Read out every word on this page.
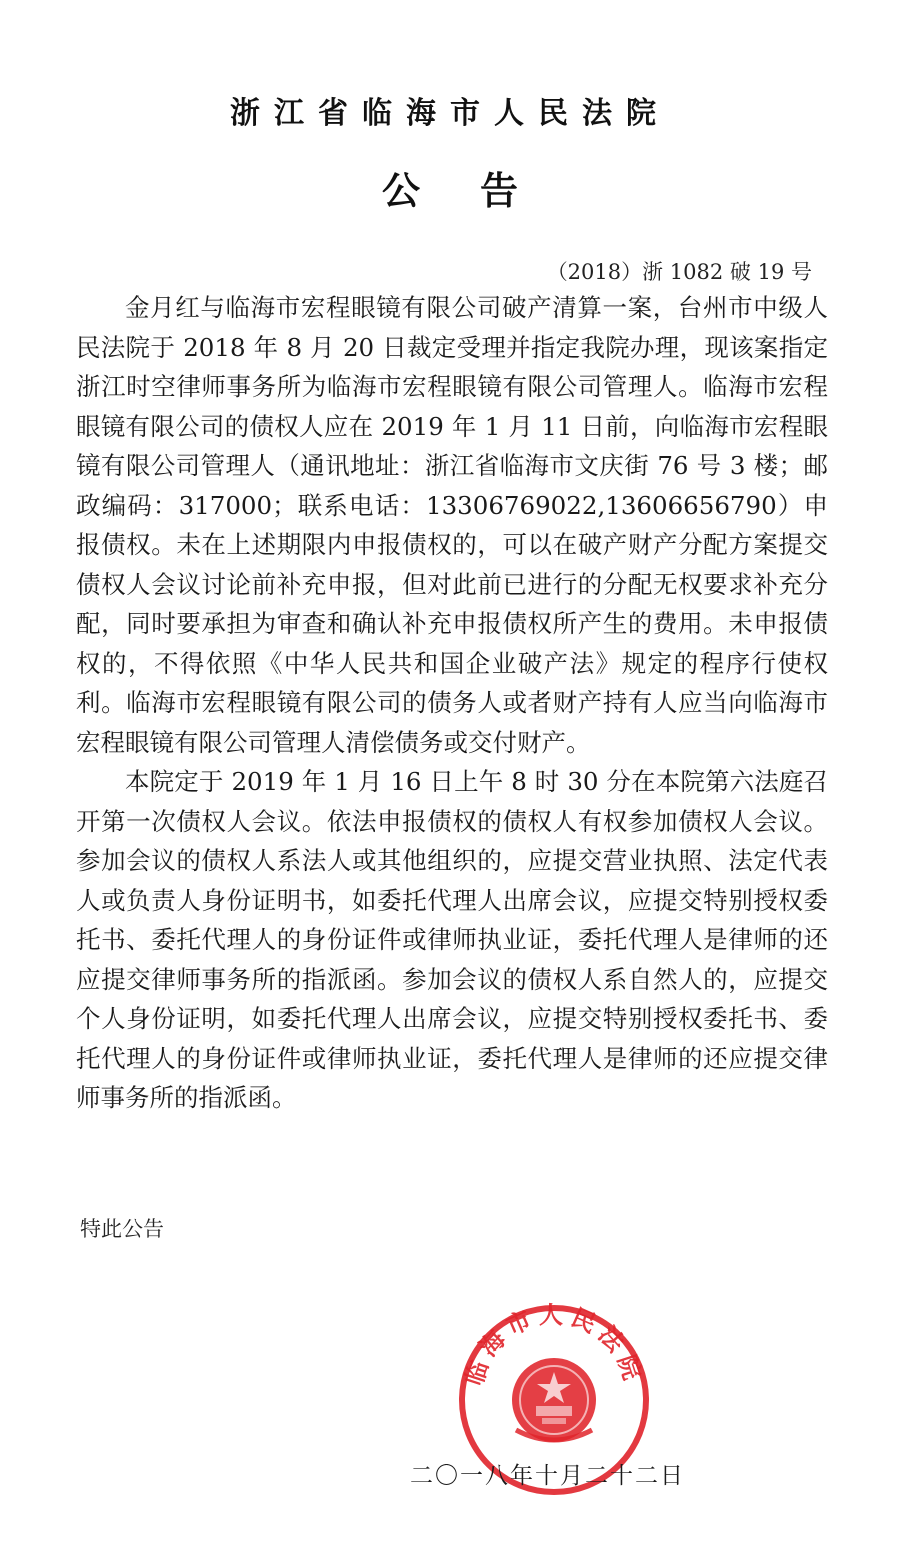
浙江省临海市人民法院
公告
（2018）浙 1082 破 19 号

金月红与临海市宏程眼镜有限公司破产清算一案，台州市中级人民法院于 2018 年 8 月 20 日裁定受理并指定我院办理，现该案指定浙江时空律师事务所为临海市宏程眼镜有限公司管理人。临海市宏程眼镜有限公司的债权人应在 2019 年 1 月 11 日前，向临海市宏程眼镜有限公司管理人（通讯地址：浙江省临海市文庆街 76 号 3 楼；邮政编码：317000；联系电话：13306769022,13606656790）申报债权。未在上述期限内申报债权的，可以在破产财产分配方案提交债权人会议讨论前补充申报，但对此前已进行的分配无权要求补充分配，同时要承担为审查和确认补充申报债权所产生的费用。未申报债权的，不得依照《中华人民共和国企业破产法》规定的程序行使权利。临海市宏程眼镜有限公司的债务人或者财产持有人应当向临海市宏程眼镜有限公司管理人清偿债务或交付财产。

本院定于 2019 年 1 月 16 日上午 8 时 30 分在本院第六法庭召开第一次债权人会议。依法申报债权的债权人有权参加债权人会议。参加会议的债权人系法人或其他组织的，应提交营业执照、法定代表人或负责人身份证明书，如委托代理人出席会议，应提交特别授权委托书、委托代理人的身份证件或律师执业证，委托代理人是律师的还应提交律师事务所的指派函。参加会议的债权人系自然人的，应提交个人身份证明，如委托代理人出席会议，应提交特别授权委托书、委托代理人的身份证件或律师执业证，委托代理人是律师的还应提交律师事务所的指派函。

特此公告
临海市人民法院
二〇一八年十月二十二日
